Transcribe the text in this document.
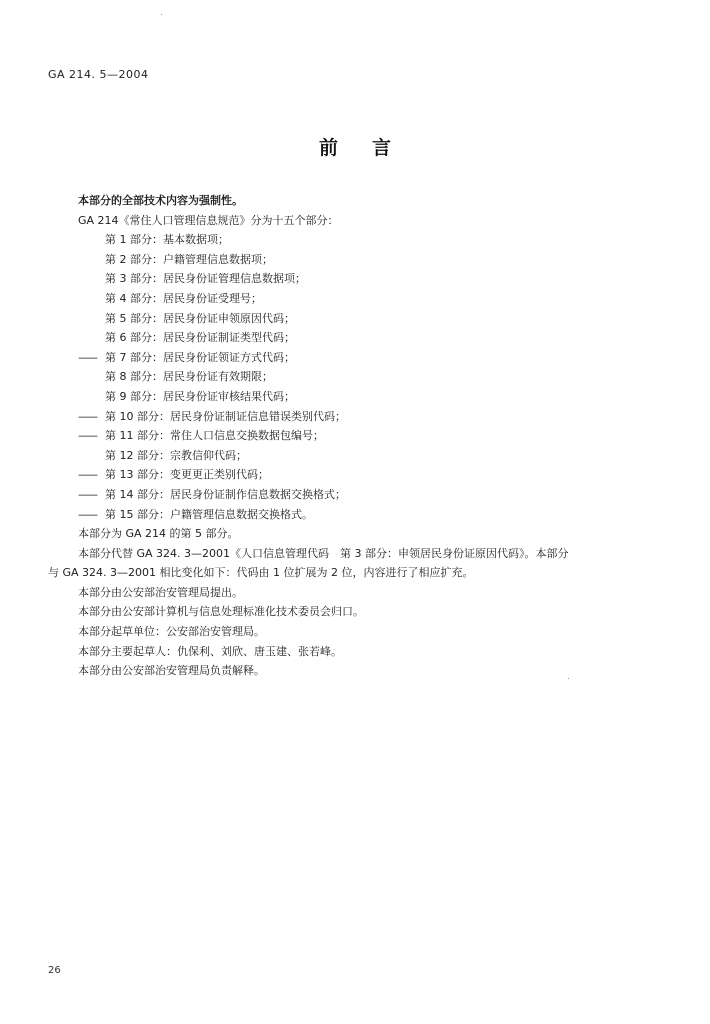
GA 214. 5—2004
前言
本部分的全部技术内容为强制性。
GA 214《常住人口管理信息规范》分为十五个部分：
第 1 部分：基本数据项；
第 2 部分：户籍管理信息数据项；
第 3 部分：居民身份证管理信息数据项；
第 4 部分：居民身份证受理号；
第 5 部分：居民身份证申领原因代码；
第 6 部分：居民身份证制证类型代码；
—— 第 7 部分：居民身份证领证方式代码；
第 8 部分：居民身份证有效期限；
第 9 部分：居民身份证审核结果代码；
—— 第 10 部分：居民身份证制证信息错误类别代码；
—— 第 11 部分：常住人口信息交换数据包编号；
第 12 部分：宗教信仰代码；
—— 第 13 部分：变更更正类别代码；
—— 第 14 部分：居民身份证制作信息数据交换格式；
—— 第 15 部分：户籍管理信息数据交换格式。
本部分为 GA 214 的第 5 部分。
本部分代替 GA 324. 3—2001《人口信息管理代码　第 3 部分：申领居民身份证原因代码》。本部分
与 GA 324. 3—2001 相比变化如下：代码由 1 位扩展为 2 位，内容进行了相应扩充。
本部分由公安部治安管理局提出。
本部分由公安部计算机与信息处理标准化技术委员会归口。
本部分起草单位：公安部治安管理局。
本部分主要起草人：仇保利、刘欣、唐玉建、张若峰。
本部分由公安部治安管理局负责解释。
26
